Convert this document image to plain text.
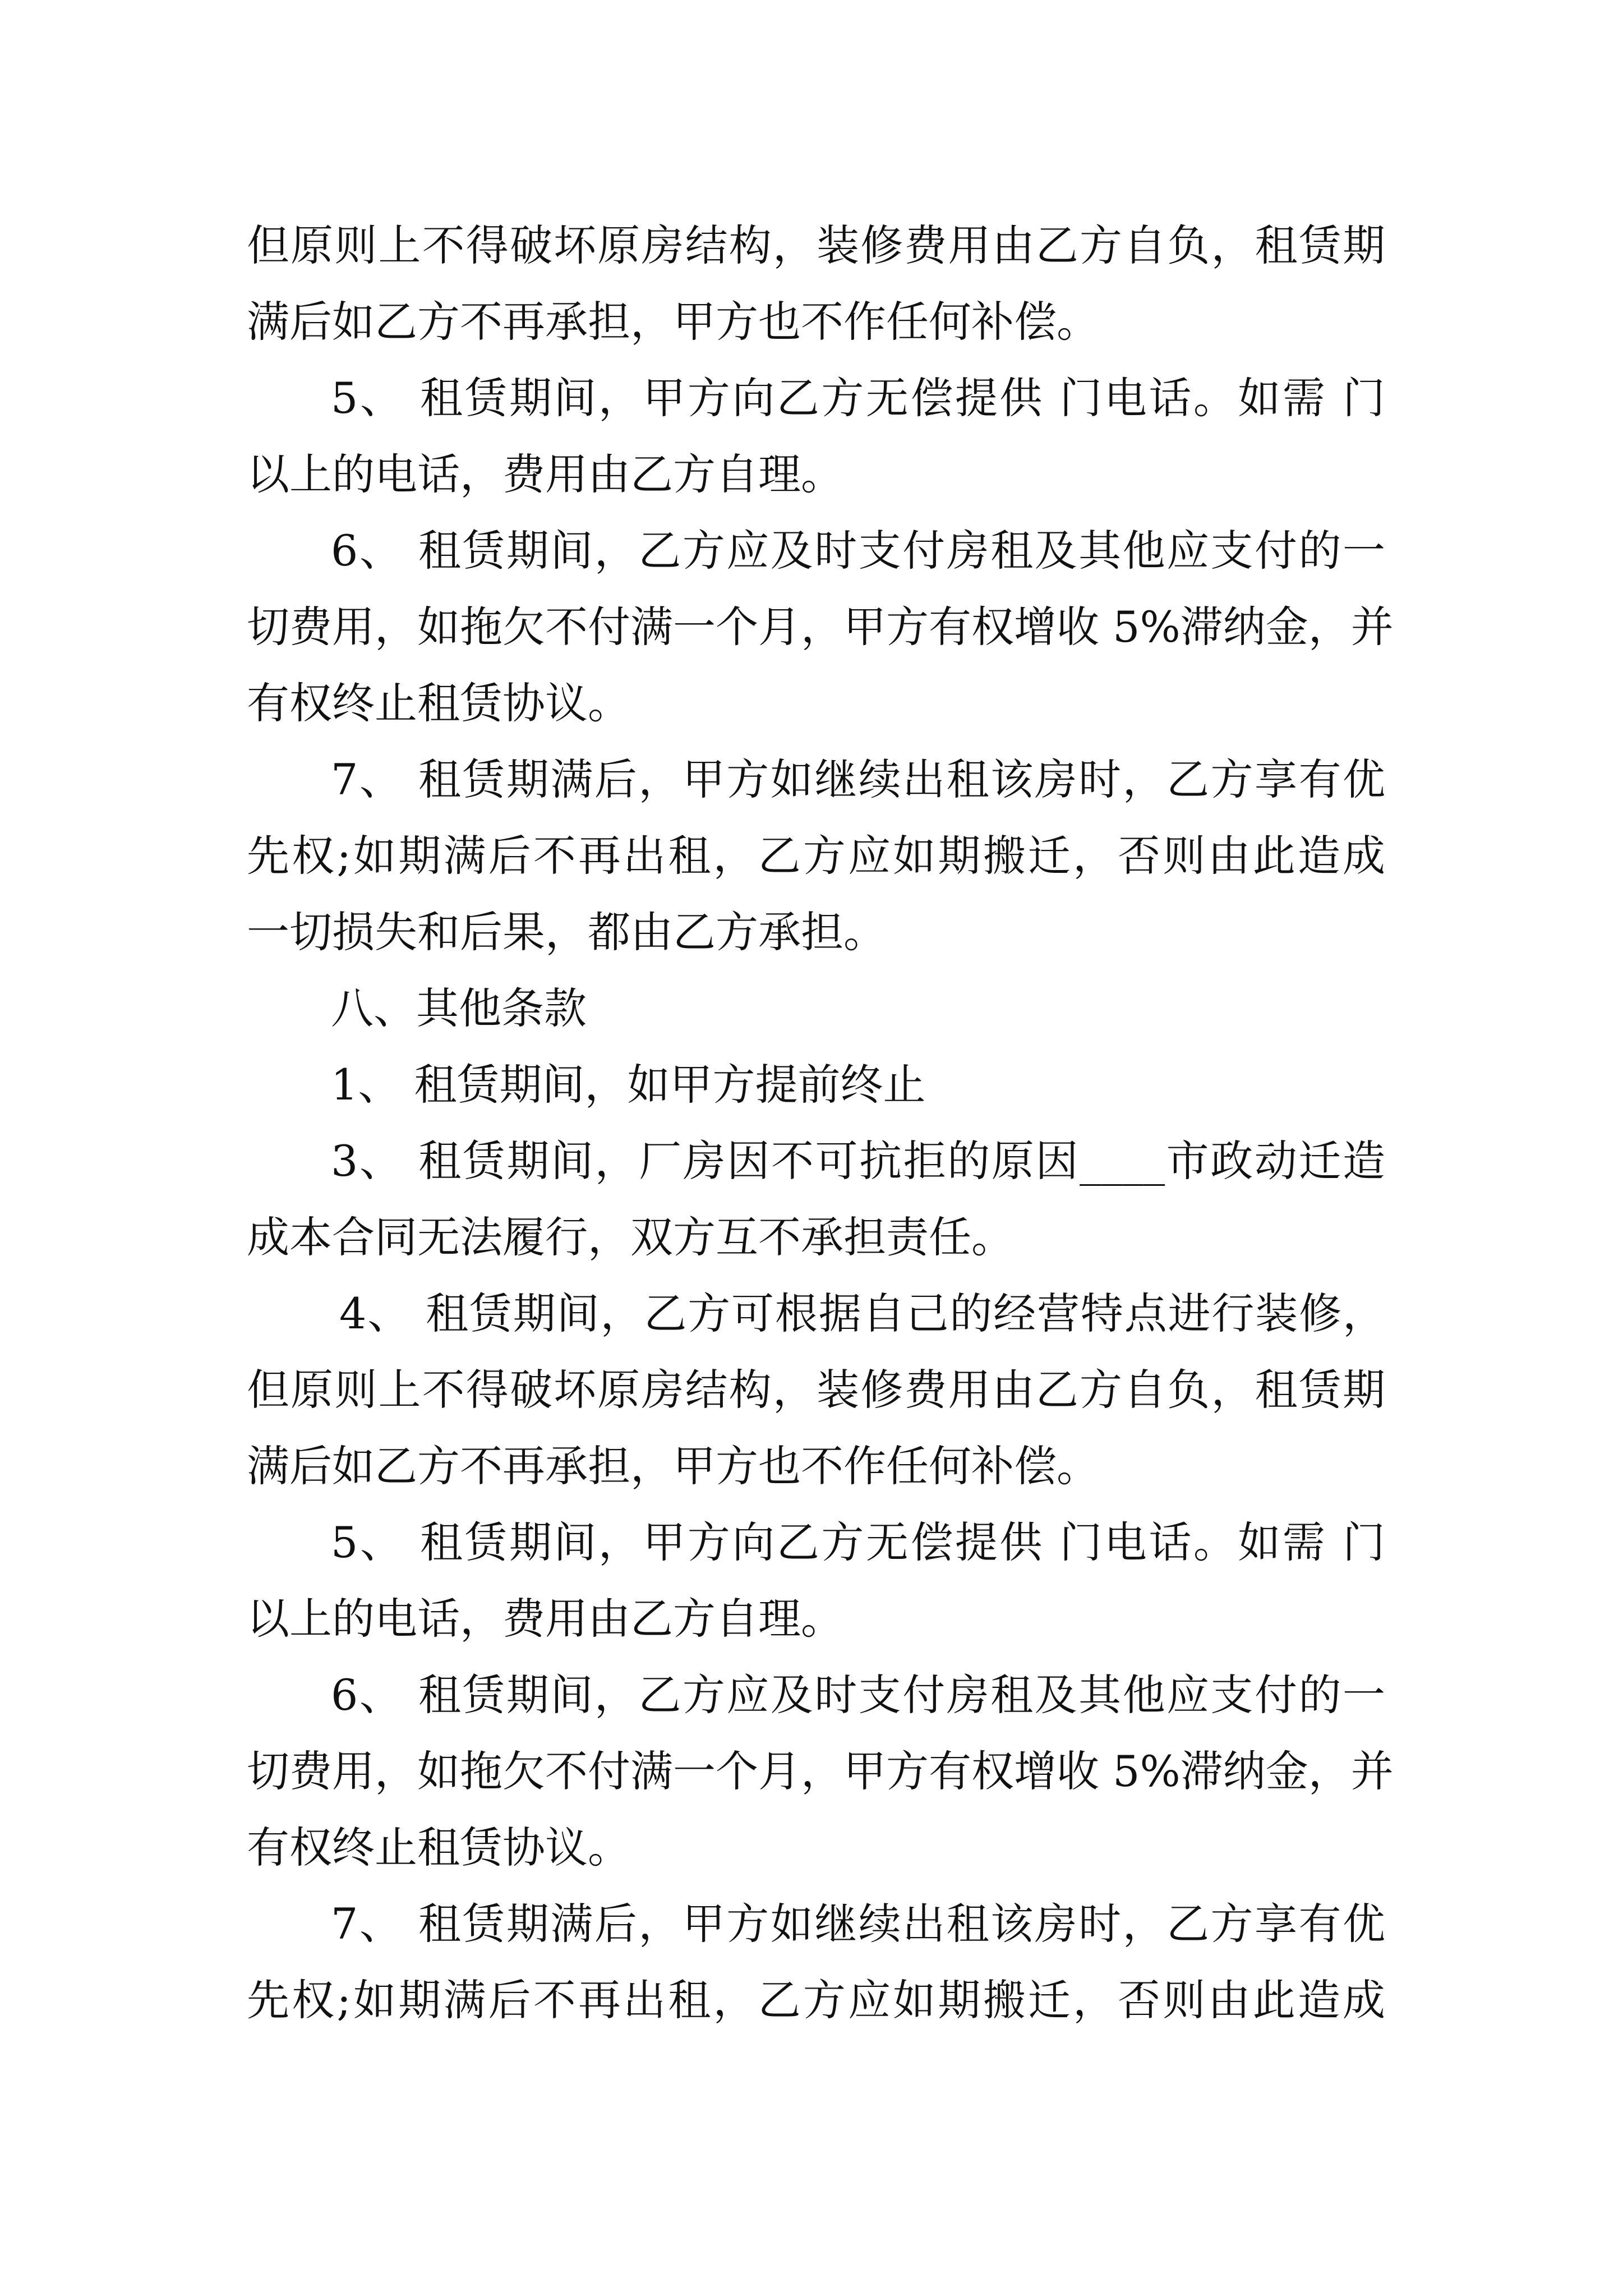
但原则上不得破坏原房结构，装修费用由乙方自负，租赁期
满后如乙方不再承担，甲方也不作任何补偿。
5、 租赁期间，甲方向乙方无偿提供 门电话。如需 门
以上的电话，费用由乙方自理。
6、 租赁期间，乙方应及时支付房租及其他应支付的一
切费用，如拖欠不付满一个月，甲方有权增收 5%滞纳金，并
有权终止租赁协议。
7、 租赁期满后，甲方如继续出租该房时，乙方享有优
先权;如期满后不再出租，乙方应如期搬迁，否则由此造成
一切损失和后果，都由乙方承担。
八、其他条款
1、 租赁期间，如甲方提前终止
3、 租赁期间，厂房因不可抗拒的原因____市政动迁造
成本合同无法履行，双方互不承担责任。
4、 租赁期间，乙方可根据自己的经营特点进行装修，
但原则上不得破坏原房结构，装修费用由乙方自负，租赁期
满后如乙方不再承担，甲方也不作任何补偿。
5、 租赁期间，甲方向乙方无偿提供 门电话。如需 门
以上的电话，费用由乙方自理。
6、 租赁期间，乙方应及时支付房租及其他应支付的一
切费用，如拖欠不付满一个月，甲方有权增收 5%滞纳金，并
有权终止租赁协议。
7、 租赁期满后，甲方如继续出租该房时，乙方享有优
先权;如期满后不再出租，乙方应如期搬迁，否则由此造成
